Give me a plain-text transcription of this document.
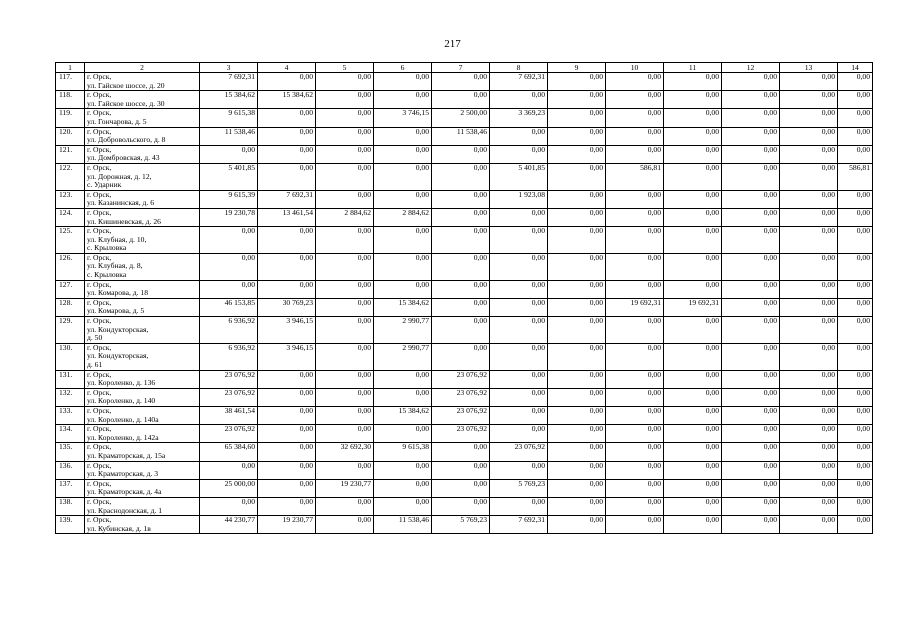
217
1	2	3	4	5	6	7	8	9	10	11	12	13	14
117.	г. Орск,
ул. Гайское шоссе, д. 20	7 692,31	0,00	0,00	0,00	0,00	7 692,31	0,00	0,00	0,00	0,00	0,00	0,00
118.	г. Орск,
ул. Гайское шоссе, д. 30	15 384,62	15 384,62	0,00	0,00	0,00	0,00	0,00	0,00	0,00	0,00	0,00	0,00
119.	г. Орск,
ул. Гончарова, д. 5	9 615,38	0,00	0,00	3 746,15	2 500,00	3 369,23	0,00	0,00	0,00	0,00	0,00	0,00
120.	г. Орск,
ул. Добровольского, д. 8	11 538,46	0,00	0,00	0,00	11 538,46	0,00	0,00	0,00	0,00	0,00	0,00	0,00
121.	г. Орск,
ул. Домбровская, д. 43	0,00	0,00	0,00	0,00	0,00	0,00	0,00	0,00	0,00	0,00	0,00	0,00
122.	г. Орск,
ул. Дорожная, д. 12,
с. Ударник	5 401,85	0,00	0,00	0,00	0,00	5 401,85	0,00	586,81	0,00	0,00	0,00	586,81
123.	г. Орск,
ул. Казанинская, д. 6	9 615,39	7 692,31	0,00	0,00	0,00	1 923,08	0,00	0,00	0,00	0,00	0,00	0,00
124.	г. Орск,
ул. Кишиневская, д. 26	19 230,78	13 461,54	2 884,62	2 884,62	0,00	0,00	0,00	0,00	0,00	0,00	0,00	0,00
125.	г. Орск,
ул. Клубная, д. 10,
с. Крыловка	0,00	0,00	0,00	0,00	0,00	0,00	0,00	0,00	0,00	0,00	0,00	0,00
126.	г. Орск,
ул. Клубная, д. 8,
с. Крыловка	0,00	0,00	0,00	0,00	0,00	0,00	0,00	0,00	0,00	0,00	0,00	0,00
127.	г. Орск,
ул. Комарова, д. 18	0,00	0,00	0,00	0,00	0,00	0,00	0,00	0,00	0,00	0,00	0,00	0,00
128.	г. Орск,
ул. Комарова, д. 5	46 153,85	30 769,23	0,00	15 384,62	0,00	0,00	0,00	19 692,31	19 692,31	0,00	0,00	0,00
129.	г. Орск,
ул. Кондукторская,
д. 50	6 936,92	3 946,15	0,00	2 990,77	0,00	0,00	0,00	0,00	0,00	0,00	0,00	0,00
130.	г. Орск,
ул. Кондукторская,
д. 61	6 936,92	3 946,15	0,00	2 990,77	0,00	0,00	0,00	0,00	0,00	0,00	0,00	0,00
131.	г. Орск,
ул. Короленко, д. 136	23 076,92	0,00	0,00	0,00	23 076,92	0,00	0,00	0,00	0,00	0,00	0,00	0,00
132.	г. Орск,
ул. Короленко, д. 140	23 076,92	0,00	0,00	0,00	23 076,92	0,00	0,00	0,00	0,00	0,00	0,00	0,00
133.	г. Орск,
ул. Короленко, д. 140а	38 461,54	0,00	0,00	15 384,62	23 076,92	0,00	0,00	0,00	0,00	0,00	0,00	0,00
134.	г. Орск,
ул. Короленко, д. 142а	23 076,92	0,00	0,00	0,00	23 076,92	0,00	0,00	0,00	0,00	0,00	0,00	0,00
135.	г. Орск,
ул. Краматорская, д. 15а	65 384,60	0,00	32 692,30	9 615,38	0,00	23 076,92	0,00	0,00	0,00	0,00	0,00	0,00
136.	г. Орск,
ул. Краматорская, д. 3	0,00	0,00	0,00	0,00	0,00	0,00	0,00	0,00	0,00	0,00	0,00	0,00
137.	г. Орск,
ул. Краматорская, д. 4а	25 000,00	0,00	19 230,77	0,00	0,00	5 769,23	0,00	0,00	0,00	0,00	0,00	0,00
138.	г. Орск,
ул. Краснодонская, д. 1	0,00	0,00	0,00	0,00	0,00	0,00	0,00	0,00	0,00	0,00	0,00	0,00
139.	г. Орск,
ул. Кубинская, д. 1в	44 230,77	19 230,77	0,00	11 538,46	5 769,23	7 692,31	0,00	0,00	0,00	0,00	0,00	0,00
